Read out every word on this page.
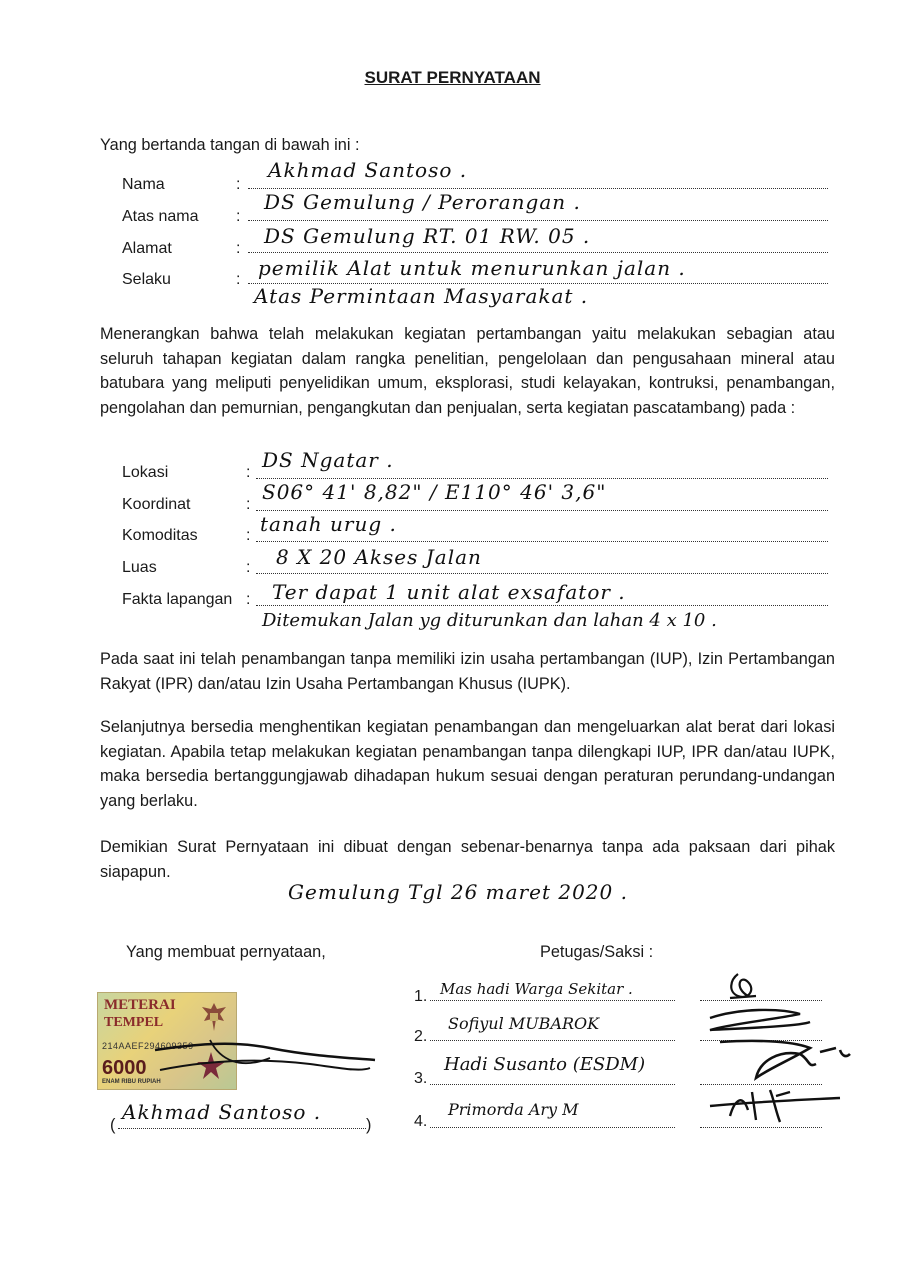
SURAT PERNYATAAN
Yang bertanda tangan di bawah ini :
Nama	:
Akhmad Santoso .
Atas nama :
DS Gemulung / Perorangan .
Alamat	:
DS Gemulung RT. 01 RW. 05 .
Selaku	: pemilik Alat untuk menurunkan jalan .
Atas Permintaan Masyarakat .
Menerangkan bahwa telah melakukan kegiatan pertambangan yaitu melakukan sebagian atau seluruh tahapan kegiatan dalam rangka penelitian, pengelolaan dan pengusahaan mineral atau batubara yang meliputi penyelidikan umum, eksplorasi, studi kelayakan, kontruksi, penambangan, pengolahan dan pemurnian, pengangkutan dan penjualan, serta kegiatan pascatambang) pada :
Lokasi	:
DS Ngatar .
Koordinat	:
S06° 41' 8,82" / E110° 46' 3,6"
Komoditas	: tanah urug .
Luas	: 8 X 20 Akses Jalan
Fakta lapangan : Ter dapat 1 unit alat exsafator .
Ditemukan Jalan yg diturunkan dan lahan 4 x 10 .
Pada saat ini telah penambangan tanpa memiliki izin usaha pertambangan (IUP), Izin Pertambangan Rakyat (IPR) dan/atau Izin Usaha Pertambangan Khusus (IUPK).
Selanjutnya bersedia menghentikan kegiatan penambangan dan mengeluarkan alat berat dari lokasi kegiatan. Apabila tetap melakukan kegiatan penambangan tanpa dilengkapi IUP, IPR dan/atau IUPK, maka bersedia bertanggungjawab dihadapan hukum sesuai dengan peraturan perundang-undangan yang berlaku.
Demikian Surat Pernyataan ini dibuat dengan sebenar-benarnya tanpa ada paksaan dari pihak siapapun.
Gemulung Tgl 26 maret 2020 .
Yang membuat pernyataan,	Petugas/Saksi :
METERAI
TEMPEL
214AAEF294609359
6000
ENAM RIBU RUPIAH
(
Akhmad Santoso .
)
1. Mas hadi Warga Sekitar .
2.
Sofiyul MUBAROK
3.
Hadi Susanto (ESDM)
4.
Primorda Ary M
